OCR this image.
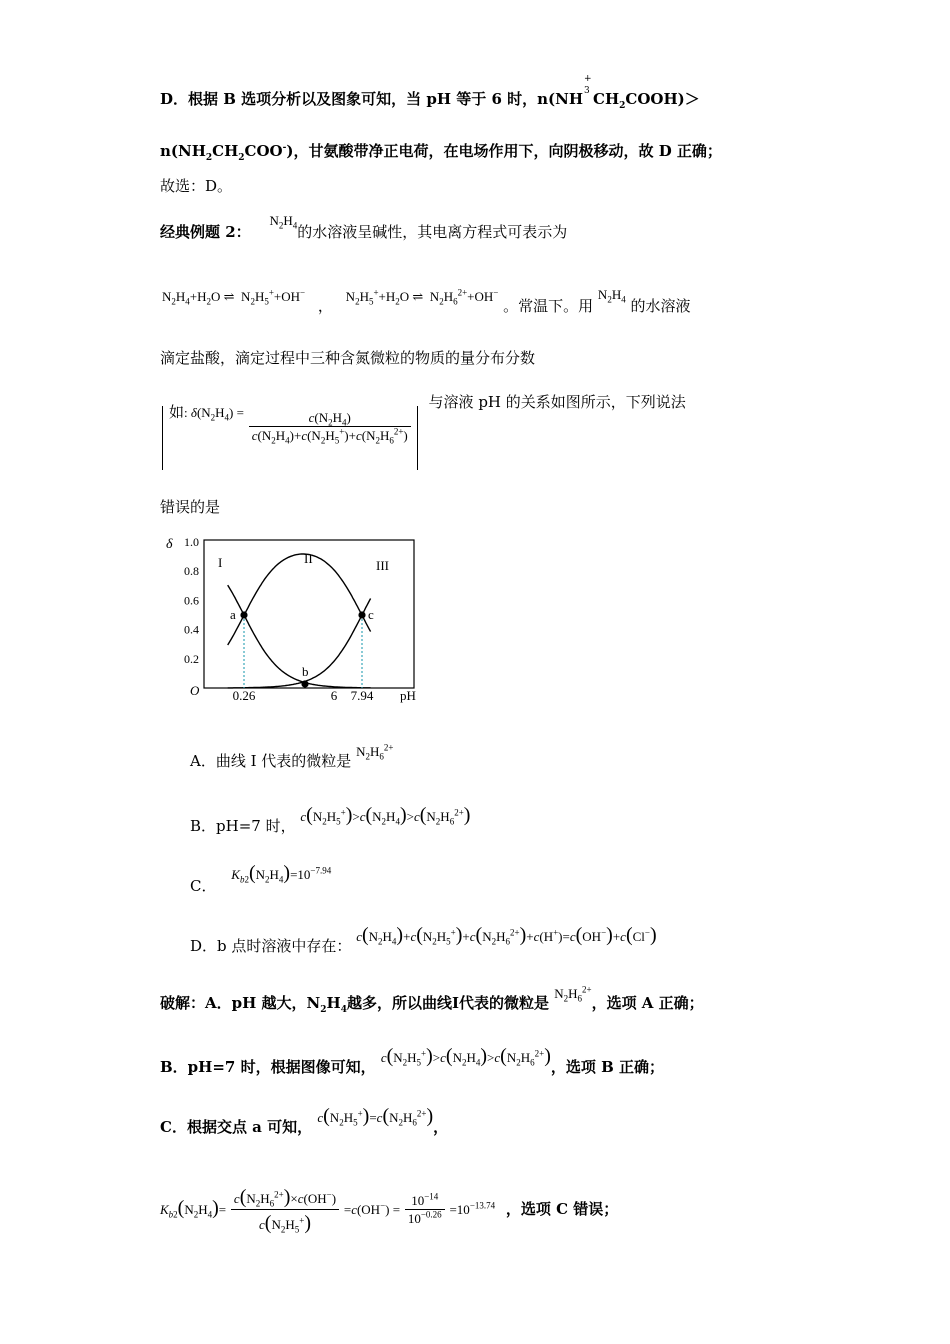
D．根据 B 选项分析以及图象可知，当 pH 等于 6 时，n(NH
+
3 $CH_2COOH)>$
$n(NH_2CH_2COO^-)$，甘氨酸带净正电荷，在电场作用下，向阴极移动，故 D 正确；
故选：D。
经典例题 2： $N_2H_4$的水溶液呈碱性，其电离方程式可表示为
$N_2H_4+H_2O$ ⇌  $N_2H_5^++OH^-$ ， $N_2H_5^++H_2O$ ⇌  $N_2H_6^{2+}+OH^-$ 。常温下。用 $N_2H_4$ 的水溶液
滴定盐酸，滴定过程中三种含氮微粒的物质的量分布分数
如: $\delta(N_2H_4) = \frac{c(N_2H_4)}{c(N_2H_4)+c(N_2H_5^+)+c(N_2H_6^{2+})}$
与溶液 pH 的关系如图所示，下列说法
错误的是
0.2
0.4
0.6
0.8
1.0
δ
O	pH
0.26	6 7.94
I	II	III
a
b
c
A．曲线 I 代表的微粒是 $N_2H_6^{2+}$
B．pH=7 时， $c(N_2H_5^+)>c(N_2H_4)>c(N_2H_6^{2+})$
C． $K_{b2}(N_2H_4)=10^{-7.94}$
D．b 点时溶液中存在： $c(N_2H_4)+c(N_2H_5^+)+c(N_2H_6^{2+})+c(H^+)=c(OH^-)+c(Cl^-)$
破解：A．pH 越大，$N_2H_4$越多，所以曲线Ⅰ代表的微粒是 $N_2H_6^{2+}$，选项 A 正确；
B．pH=7 时，根据图像可知， $c(N_2H_5^+)>c(N_2H_4)>c(N_2H_6^{2+})$，选项 B 正确；
C．根据交点 a 可知， $c(N_2H_5^+)=c(N_2H_6^{2+})$，
$K_{b2}(N_2H_4)= \frac{c(N_2H_6^{2+})\times c(OH^-)}{c(N_2H_5^+)} =c(OH^-) = \frac{10^{-14}}{10^{-0.26}} =10^{-13.74}$ ，选项 C 错误；
